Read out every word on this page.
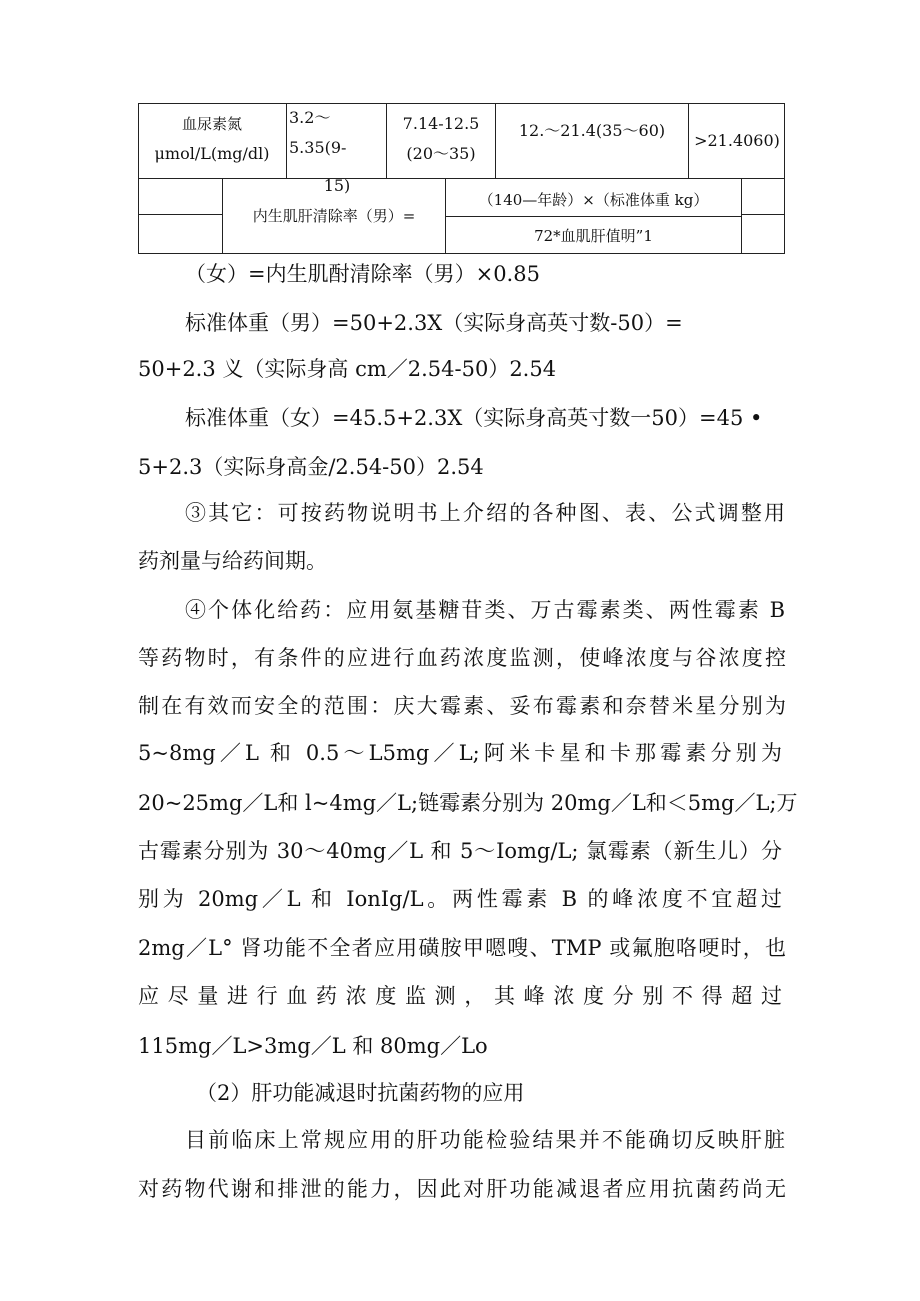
血尿素氮
μmol/L(mg/dl)
3.2～5.35(9-
15)
7.14-12.5
(20～35)
12.～21.4(35～60)
>21.4060)
内生肌肝清除率（男）=
（140—年龄）×（标准体重 kg）
72*血肌肝值明”1
（女）=内生肌酎清除率（男）×0.85
标准体重（男）=50+2.3X（实际身高英寸数-50）=
50+2.3 义（实际身高 cm／2.54-50）2.54
标准体重（女）=45.5+2.3X（实际身高英寸数一50）=45 •
5+2.3（实际身高金/2.54-50）2.54
③其它：可按药物说明书上介绍的各种图、表、公式调整用
药剂量与给药间期。
④个体化给药：应用氨基糖苷类、万古霉素类、两性霉素 B
等药物时，有条件的应进行血药浓度监测，使峰浓度与谷浓度控
制在有效而安全的范围：庆大霉素、妥布霉素和奈替米星分别为
5~8mg／L 和 0.5～L5mg／L;阿米卡星和卡那霉素分别为
20~25mg／L和 l~4mg／L;链霉素分别为 20mg／L和＜5mg／L;万
古霉素分别为 30～40mg／L 和 5～Iomg/L; 氯霉素（新生儿）分
别为 20mg／L 和 IonIg/L。两性霉素 B 的峰浓度不宜超过
2mg／L° 肾功能不全者应用磺胺甲嗯嗖、TMP 或氟胞咯哽时，也
应尽量进行血药浓度监测，其峰浓度分别不得超过
115mg／L>3mg／L 和 80mg／Lo
（2）肝功能减退时抗菌药物的应用
目前临床上常规应用的肝功能检验结果并不能确切反映肝脏
对药物代谢和排泄的能力，因此对肝功能减退者应用抗菌药尚无
